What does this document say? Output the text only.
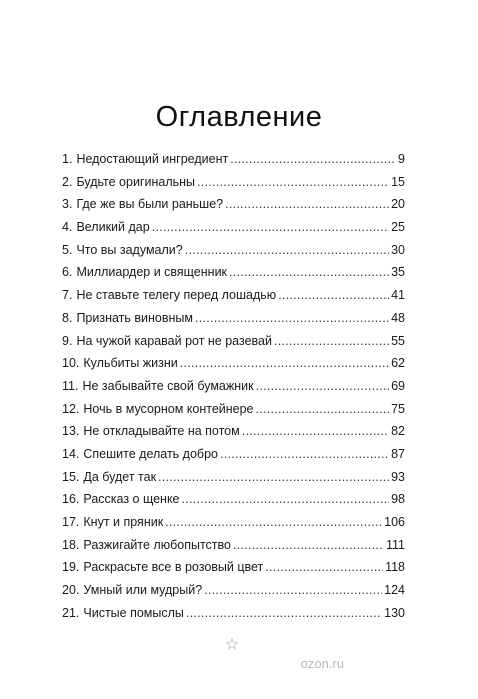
Оглавление
1. Недостающий ингредиент . . .	9
2. Будьте оригинальны . . .	15
3. Где же вы были раньше? . . .	20
4. Великий дар . . .	25
5. Что вы задумали? . . .	30
6. Миллиардер и священник . . .	35
7. Не ставьте телегу перед лошадью . . .	41
8. Признать виновным . . .	48
9. На чужой каравай рот не разевай . . .	55
10. Кульбиты жизни . . .	62
11. Не забывайте свой бумажник . . .	69
12. Ночь в мусорном контейнере . . .	75
13. Не откладывайте на потом . . .	82
14. Спешите делать добро . . .	87
15. Да будет так . . .	93
16. Рассказ о щенке . . .	98
17. Кнут и пряник . . .	106
18. Разжигайте любопытство . . .	111
19. Раскрасьте все в розовый цвет . . .	118
20. Умный или мудрый? . . .	124
21. Чистые помыслы . . .	130
ozon.ru
